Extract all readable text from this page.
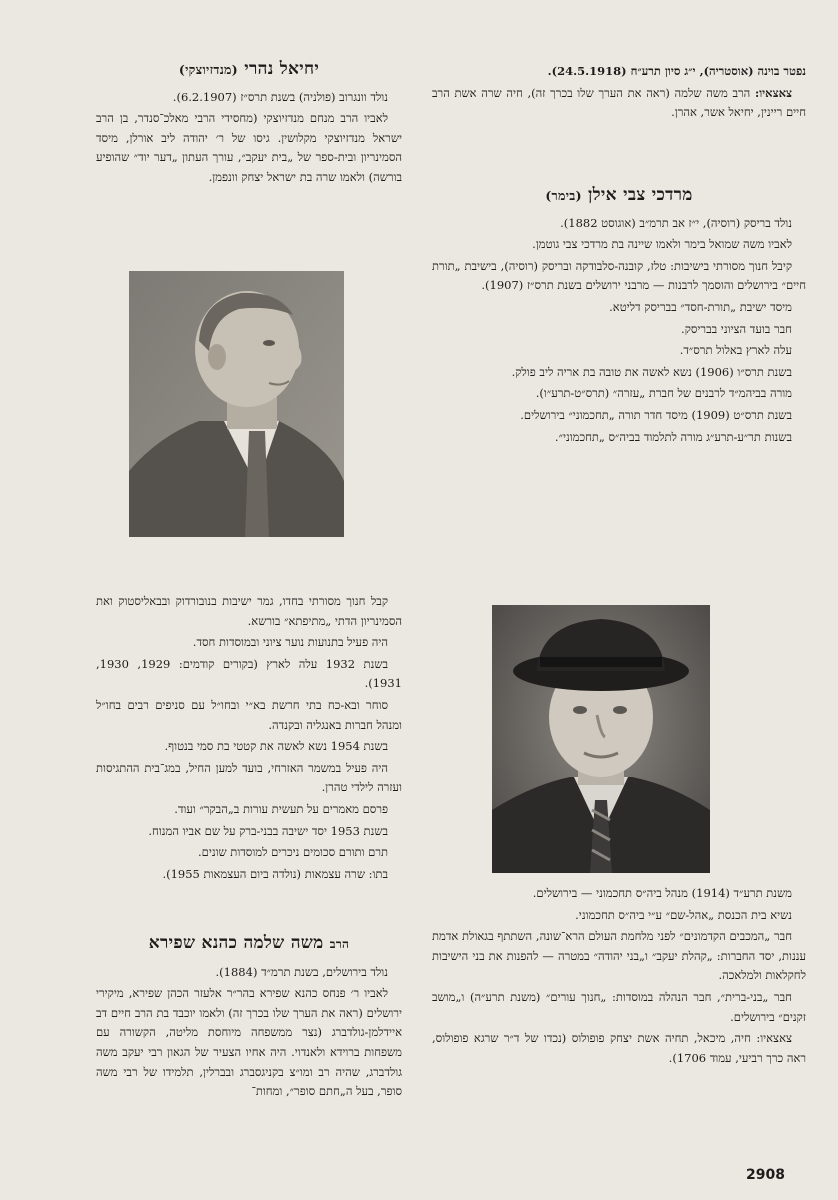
נפטר בוינה (אוסטריה), י״ג סיון תרע״ח (24.5.1918).

צאצאיו: הרב משה שלמה (ראה את הערך שלו בכרך זה), חיה שרה אשת הרב חיים ריינין, יחיאל אשר, אהרן.

מרדכי צבי אילן (בימר)

נולד בריסק (רוסיה), י״ז אב תרמ״ב (אוגוסט 1882).

לאביו משה שמואל בימר ולאמו שיינה בת מרדכי צבי גוטמן.

קיבל חנוך מסורתי בישיבות: טלז, קובנה-סלבודקה ובריסק (רוסיה), בישיבת „תורת חיים״ בירושלים והוסמך לרבנות — מרבני ירושלים בשנת תרס״ז (1907).

מיסד ישיבת „תורת-חסד״ בבריסק דליטא.

חבר בועד הציוני בבריסק.

עלה לארץ באלול תרס״ד.

בשנת תרס״ו (1906) נשא לאשה את טובה בת אריה ליב פולק.

מורה בביהמ״ד לרבנים של חברת „עזרה״ (תרס״ט-תרע״ו).

בשנת תרס״ט (1909) מיסד חדר תורה „תחכמוני״ בירושלים.

בשנות תר״ע-תרע״ג מורה לתלמוד בביה״ס „תחכמוני״.

משנת תרע״ד (1914) מנהל ביה״ס תחכמוני — בירושלים.

נשיא בית הכנסת „אהל-שם״ ע״י ביה״ס תחכמוני.

חבר „המכבים הקדמונים״ לפני מלחמת העולם הרא־שונה, השתתף בגאולת אדמת עננות, יסד החברות: „קהלת יעקב״ ו„בני יהודה״ במטרה — להפנות את בני הישיבות לחקלאות ולמלאכה.

חבר „בני-ברית״, חבר הנהלה במוסדות: „חנוך עורים״ (משנת תרע״ה) ו„מושב זקנים״ בירושלים.

צאצאיו: חיה, מיכאל, תחיה אשת יצחק פופולוס (נכדו של ד״ר שרגא פופולוס, ראה כרך רביעי, עמוד 1706).

יחיאל נהרי (מנדזיוצקי)

נולד וונגרוב (פולניה) בשנת תרס״ז (6.2.1907).

לאביו הרב מנחם מנדזיוצקי (מחסידי הרבי מאלכ־סנדר, בן הרב ישראל מנדזיוצקי מקלושין. גיסו של ר׳ יהודה ליב אורלן, מיסד הסמינריון ובית-ספר של „בית יעקב״, עורך העתון „דער יוד״ שהופיע בורשה) ולאמו שרה בת ישראל יצחק וונפמן.

קבל חנוך מסורתי בחדו, גמר ישיבות בנובורדוק ובבאליסטוק ואת הסמינריון הדתי „מתיפתא״ בורשא.

היה פעיל בתנועות נוער ציוני ובמוסדות חסד.

בשנת 1932 עלה לארץ (בקורים קודמים: 1929, 1930, 1931).

סוחר ובא-כח בתי חרשת בא״י ובחו״ל עם סניפים רבים בחו״ל ומנהל חברות באנגליה ובקנדה.

בשנת 1954 נשא לאשה את קטטי בת סמי בנטוף.

היה פעיל במשמר האזרחי, בועד למען החיל, במג־בית ההתגיסות ועזרה לילדי טהרן.

פרסם מאמרים על תעשית עורות ב„הבקר״ ועוד.

בשנת 1953 יסד ישיבה בבני-ברק על שם אביו המנוח.

תרם ותורם סכומים ניכרים למוסדות שונים.

בתו: שרה עצמאות (נולדה ביום העצמאות 1955).

הרב משה שלמה כהנא שפירא

נולד בירושלים, בשנת תרמ״ד (1884).

לאביו ר׳ פנחס כהנא שפירא בהר״ר אלעזר הכהן שפירא, מיקירי ירושלים (ראה את הערך שלו בכרך זה) ולאמו יוכבד בת הרב חיים דב איידלמן-גולדברג (נצר ממשפחה מיוחסת מליטה, הקשורה עם משפחות ברוידא ולאנדוי. היה אחיו הצעיר של הגאון רבי יעקב משה גולדברג, שהיה רב ומו״צ בקניגסברג ובברלין, תלמידו של רבי משה סופר, בעל ה„חתם סופר״, ומחות־

2908
